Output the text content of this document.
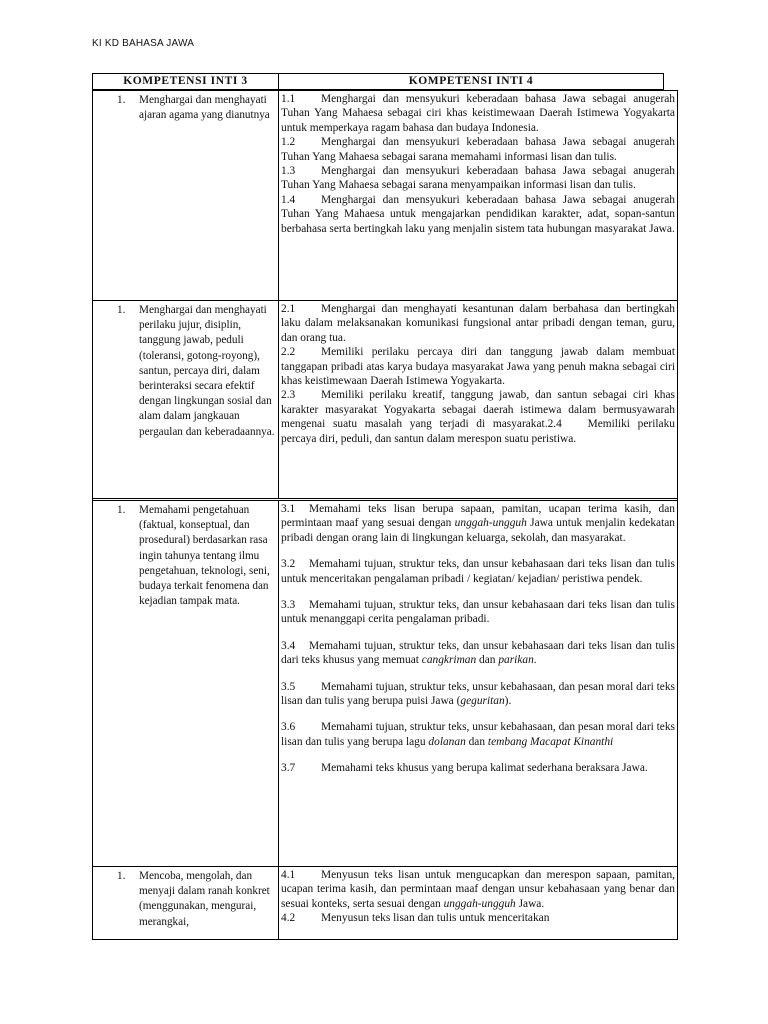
KI KD BAHASA JAWA
KOMPETENSI INTI 3	KOMPETENSI INTI 4
1. Menghargai dan menghayati ajaran agama yang dianutnya

1.1 Menghargai dan mensyukuri keberadaan bahasa Jawa sebagai anugerah Tuhan Yang Mahaesa sebagai ciri khas keistimewaan Daerah Istimewa Yogyakarta untuk memperkaya ragam bahasa dan budaya Indonesia.

1.2 Menghargai dan mensyukuri keberadaan bahasa Jawa sebagai anugerah Tuhan Yang Mahaesa sebagai sarana memahami informasi lisan dan tulis.

1.3 Menghargai dan mensyukuri keberadaan bahasa Jawa sebagai anugerah Tuhan Yang Mahaesa sebagai sarana menyampaikan informasi lisan dan tulis.

1.4 Menghargai dan mensyukuri keberadaan bahasa Jawa sebagai anugerah Tuhan Yang Mahaesa untuk mengajarkan pendidikan karakter, adat, sopan-santun berbahasa serta bertingkah laku yang menjalin sistem tata hubungan masyarakat Jawa.

1. Menghargai dan menghayati perilaku jujur, disiplin, tanggung jawab, peduli (toleransi, gotong-royong), santun, percaya diri, dalam berinteraksi secara efektif dengan lingkungan sosial dan alam dalam jangkauan pergaulan dan keberadaannya.

2.1 Menghargai dan menghayati kesantunan dalam berbahasa dan bertingkah laku dalam melaksanakan komunikasi fungsional antar pribadi dengan teman, guru, dan orang tua.

2.2 Memiliki perilaku percaya diri dan tanggung jawab dalam membuat tanggapan pribadi atas karya budaya masyarakat Jawa yang penuh makna sebagai ciri khas keistimewaan Daerah Istimewa Yogyakarta.

2.3 Memiliki perilaku kreatif, tanggung jawab, dan santun sebagai ciri khas karakter masyarakat Yogyakarta sebagai daerah istimewa dalam bermusyawarah mengenai suatu masalah yang terjadi di masyarakat.2.4 Memiliki perilaku percaya diri, peduli, dan santun dalam merespon suatu peristiwa.

1. Memahami pengetahuan (faktual, konseptual, dan prosedural) berdasarkan rasa ingin tahunya tentang ilmu pengetahuan, teknologi, seni, budaya terkait fenomena dan kejadian tampak mata.

3.1 Memahami teks lisan berupa sapaan, pamitan, ucapan terima kasih, dan permintaan maaf yang sesuai dengan unggah-ungguh Jawa untuk menjalin kedekatan pribadi dengan orang lain di lingkungan keluarga, sekolah, dan masyarakat.

3.2 Memahami tujuan, struktur teks, dan unsur kebahasaan dari teks lisan dan tulis untuk menceritakan pengalaman pribadi / kegiatan/ kejadian/ peristiwa pendek.

3.3 Memahami tujuan, struktur teks, dan unsur kebahasaan dari teks lisan dan tulis untuk menanggapi cerita pengalaman pribadi.

3.4 Memahami tujuan, struktur teks, dan unsur kebahasaan dari teks lisan dan tulis dari teks khusus yang memuat cangkriman dan parikan.

3.5 Memahami tujuan, struktur teks, unsur kebahasaan, dan pesan moral dari teks lisan dan tulis yang berupa puisi Jawa (geguritan).

3.6 Memahami tujuan, struktur teks, unsur kebahasaan, dan pesan moral dari teks lisan dan tulis yang berupa lagu dolanan dan tembang Macapat Kinanthi

3.7 Memahami teks khusus yang berupa kalimat sederhana beraksara Jawa.

1. Mencoba, mengolah, dan menyaji dalam ranah konkret (menggunakan, mengurai, merangkai,

4.1 Menyusun teks lisan untuk mengucapkan dan merespon sapaan, pamitan, ucapan terima kasih, dan permintaan maaf dengan unsur kebahasaan yang benar dan sesuai konteks, serta sesuai dengan unggah-ungguh Jawa.

4.2 Menyusun teks lisan dan tulis untuk menceritakan
